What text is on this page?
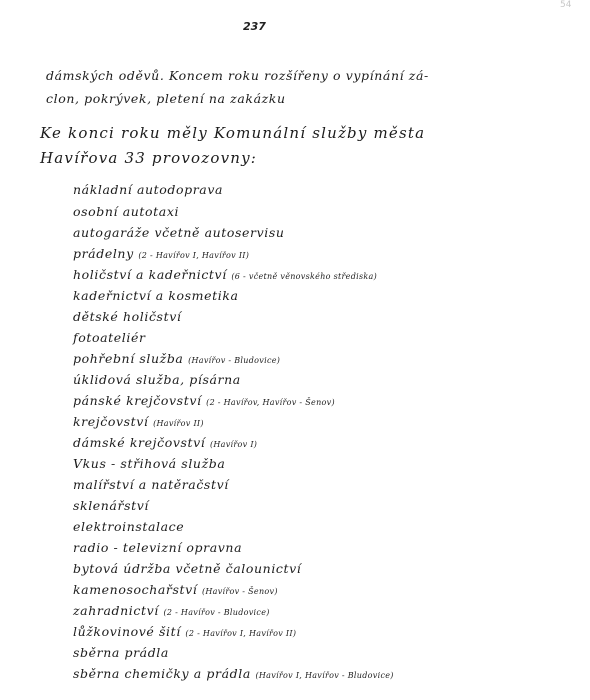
237
54
dámských oděvů. Koncem roku rozšířeny o vypínání zá-
clon, pokrývek, pletení na zakázku
Ke konci roku měly Komunální služby města
Havířova 33 provozovny:
nákladní autodoprava
osobní autotaxi
autogaráže včetně autoservisu
prádelny (2 - Havířov I, Havířov II)
holičství a kadeřnictví (6 - včetně věnovského střediska)
kadeřnictví a kosmetika
dětské holičství
fotoateliér
pohřební služba (Havířov - Bludovice)
úklidová služba, písárna
pánské krejčovství (2 - Havířov, Havířov - Šenov)
krejčovství (Havířov II)
dámské krejčovství (Havířov I)
Vkus - střihová služba
malířství a natěračství
sklenářství
elektroinstalace
radio - televizní opravna
bytová údržba včetně čalounictví
kamenosochařství (Havířov - Šenov)
zahradnictví (2 - Havířov - Bludovice)
lůžkovinové šití (2 - Havířov I, Havířov II)
sběrna prádla
sběrna chemičky a prádla (Havířov I, Havířov - Bludovice)
